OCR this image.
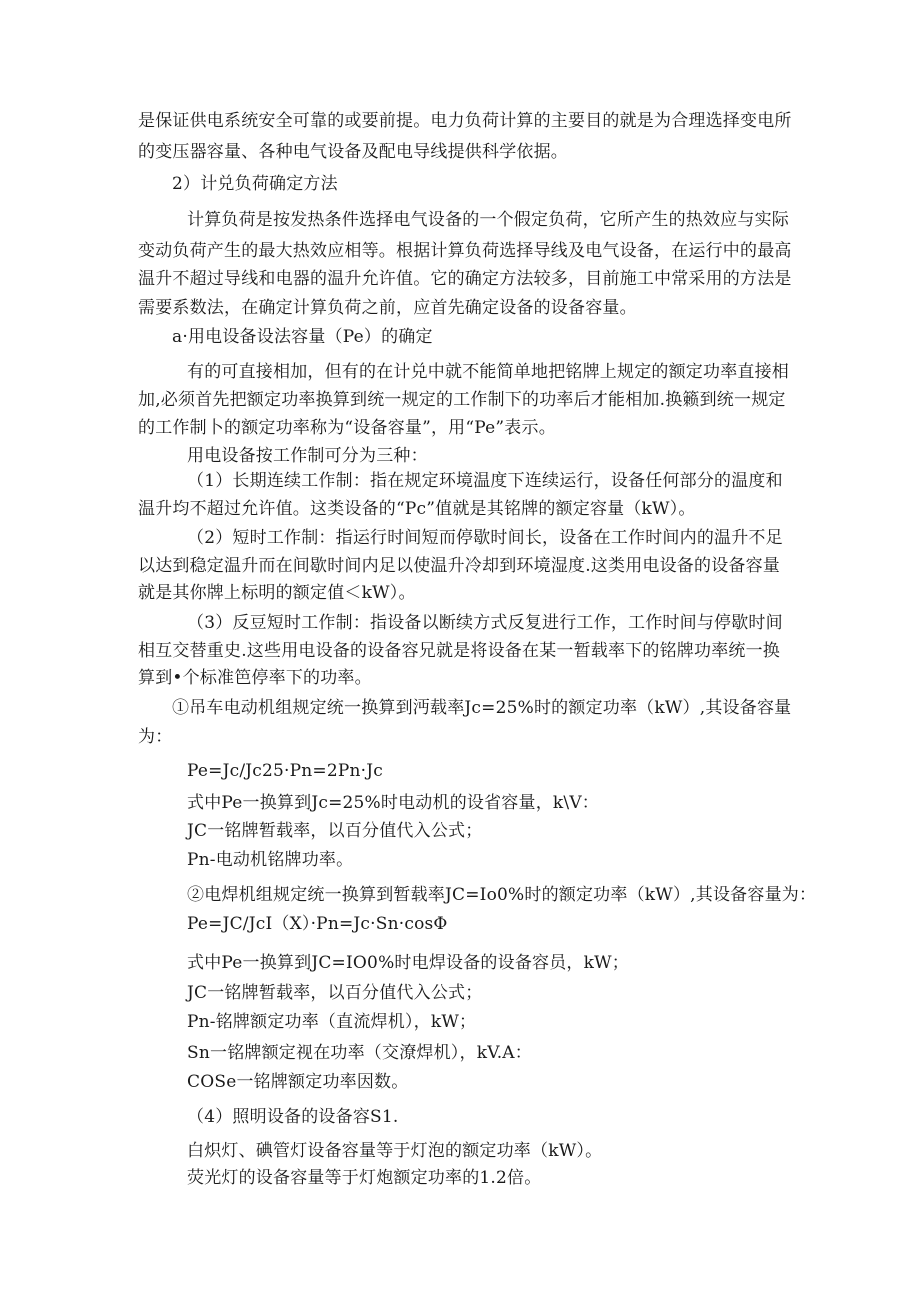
是保证供电系统安全可靠的或要前提。电力负荷计算的主要目的就是为合理选择变电所
的变压器容量、各种电气设备及配电导线提供科学依据。
2）计兑负荷确定方法
计算负荷是按发热条件选择电气设备的一个假定负荷，它所产生的热效应与实际
变动负荷产生的最大热效应相等。根据计算负荷选择导线及电气设备，在运行中的最高
温升不超过导线和电器的温升允许值。它的确定方法较多，目前施工中常采用的方法是
需要系数法，在确定计算负荷之前，应首先确定设备的设备容量。
a·用电设备设法容量（Pe）的确定
有的可直接相加，但有的在计兑中就不能简单地把铭牌上规定的额定功率直接相
加,必须首先把额定功率换算到统一规定的工作制下的功率后才能相加.换籁到统一规定
的工作制卜的额定功率称为“设备容量”，用“Pe”表示。
用电设备按工作制可分为三种：
（1）长期连续工作制：指在规定环境温度下连续运行，设备任何部分的温度和
温升均不超过允许值。这类设备的“Pc”值就是其铭牌的额定容量（kW）。
（2）短时工作制：指运行时间短而停歇时间长，设备在工作时间内的温升不足
以达到稳定温升而在间歇时间内足以使温升冷却到环境湿度.这类用电设备的设备容量
就是其你牌上标明的额定值＜kW）。
（3）反豆短时工作制：指设备以断续方式反复进行工作，工作时间与停歇时间
相互交替重史.这些用电设备的设备容兄就是将设备在某一暂载率下的铭牌功率统一换
算到•个标准笆停率下的功率。
①吊车电动机组规定统一换算到沔载率Jc=25%时的额定功率（kW）,其设备容量
为：
Pe=Jc/Jc25·Pn=2Pn·Jc
式中Pe一换算到Jc=25%时电动机的设省容量，k\V：
JC一铭牌暂载率，以百分值代入公式；
Pn-电动机铭牌功率。
②电焊机组规定统一换算到暂载率JC=Io0%时的额定功率（kW）,其设备容量为：
Pe=JC/JcI（X）·Pn=Jc·Sn·cosΦ
式中Pe一换算到JC=IO0%时电焊设备的设备容员，kW；
JC一铭牌暂载率，以百分值代入公式；
Pn-铭牌额定功率（直流焊机），kW；
Sn一铭牌额定视在功率（交潦焊机），kV.A：
COSe一铭牌额定功率因数。
（4）照明设备的设备容S1.
白炽灯、碘管灯设备容量等于灯泡的额定功率（kW）。
荧光灯的设备容量等于灯炮额定功率的1.2倍。
